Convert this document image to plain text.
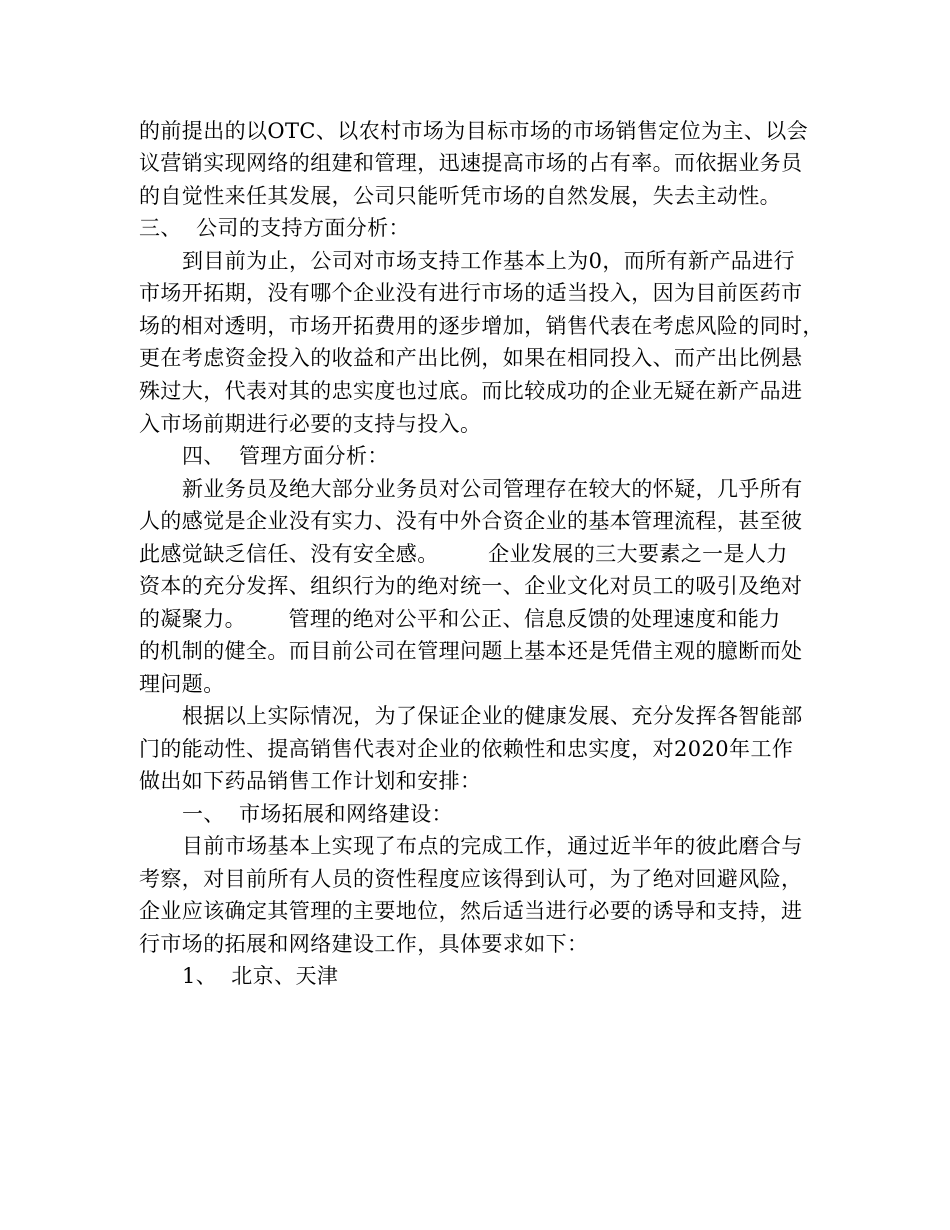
的前提出的以OTC、以农村市场为目标市场的市场销售定位为主、以会
议营销实现网络的组建和管理，迅速提高市场的占有率。而依据业务员
的自觉性来任其发展，公司只能听凭市场的自然发展，失去主动性。
三、  公司的支持方面分析：
到目前为止，公司对市场支持工作基本上为0，而所有新产品进行
市场开拓期，没有哪个企业没有进行市场的适当投入，因为目前医药市
场的相对透明，市场开拓费用的逐步增加，销售代表在考虑风险的同时，
更在考虑资金投入的收益和产出比例，如果在相同投入、而产出比例悬
殊过大，代表对其的忠实度也过底。而比较成功的企业无疑在新产品进
入市场前期进行必要的支持与投入。
四、  管理方面分析：
新业务员及绝大部分业务员对公司管理存在较大的怀疑，几乎所有
人的感觉是企业没有实力、没有中外合资企业的基本管理流程，甚至彼
此感觉缺乏信任、没有安全感。       企业发展的三大要素之一是人力
资本的充分发挥、组织行为的绝对统一、企业文化对员工的吸引及绝对
的凝聚力。      管理的绝对公平和公正、信息反馈的处理速度和能力
的机制的健全。而目前公司在管理问题上基本还是凭借主观的臆断而处
理问题。
根据以上实际情况，为了保证企业的健康发展、充分发挥各智能部
门的能动性、提高销售代表对企业的依赖性和忠实度，对2020年工作
做出如下药品销售工作计划和安排：
一、  市场拓展和网络建设：
目前市场基本上实现了布点的完成工作，通过近半年的彼此磨合与
考察，对目前所有人员的资性程度应该得到认可，为了绝对回避风险，
企业应该确定其管理的主要地位，然后适当进行必要的诱导和支持，进
行市场的拓展和网络建设工作，具体要求如下：
1、  北京、天津
